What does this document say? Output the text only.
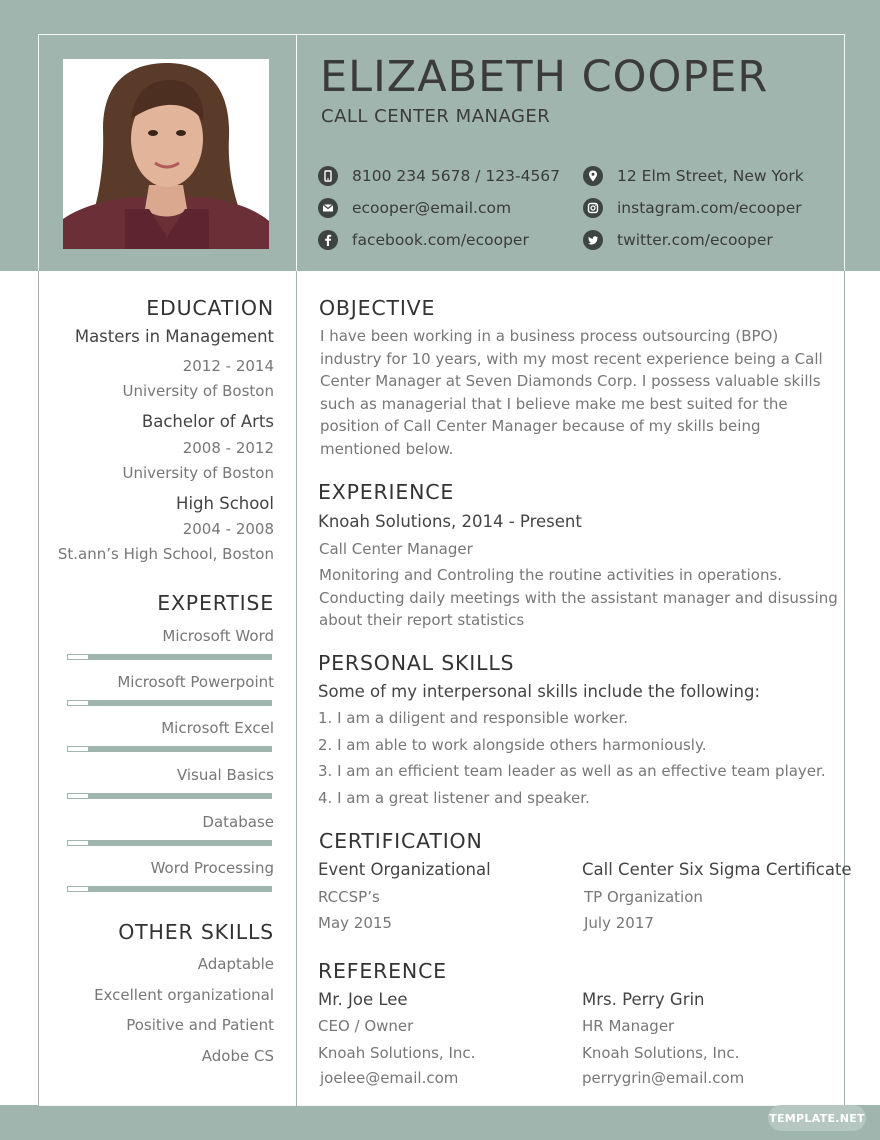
ELIZABETH COOPER
CALL CENTER MANAGER
8100 234 5678 / 123-4567	12 Elm Street, New York
ecooper@email.com	instagram.com/ecooper
facebook.com/ecooper	twitter.com/ecooper
EDUCATION
Masters in Management
2012 - 2014
University of Boston
Bachelor of Arts
2008 - 2012
University of Boston
High School
2004 - 2008
St.ann’s High School, Boston
EXPERTISE
Microsoft Word
Microsoft Powerpoint
Microsoft Excel
Visual Basics
Database
Word Processing
OTHER SKILLS
Adaptable
Excellent organizational
Positive and Patient
Adobe CS
OBJECTIVE
I have been working in a business process outsourcing (BPO) industry for 10 years, with my most recent experience being a Call Center Manager at Seven Diamonds Corp. I possess valuable skills such as managerial that I believe make me best suited for the position of Call Center Manager because of my skills being mentioned below.
EXPERIENCE
Knoah Solutions, 2014 - Present
Call Center Manager
Monitoring and Controling the routine activities in operations. Conducting daily meetings with the assistant manager and disussing about their report statistics
PERSONAL SKILLS
Some of my interpersonal skills include the following:
1. I am a diligent and responsible worker.
2. I am able to work alongside others harmoniously.
3. I am an efficient team leader as well as an effective team player.
4. I am a great listener and speaker.
CERTIFICATION
Event Organizational
RCCSP’s
May 2015
Call Center Six Sigma Certificate
TP Organization
July 2017
REFERENCE
Mr. Joe Lee
CEO / Owner
Knoah Solutions, Inc.
joelee@email.com
Mrs. Perry Grin
HR Manager
Knoah Solutions, Inc.
perrygrin@email.com
TEMPLATE.NET
